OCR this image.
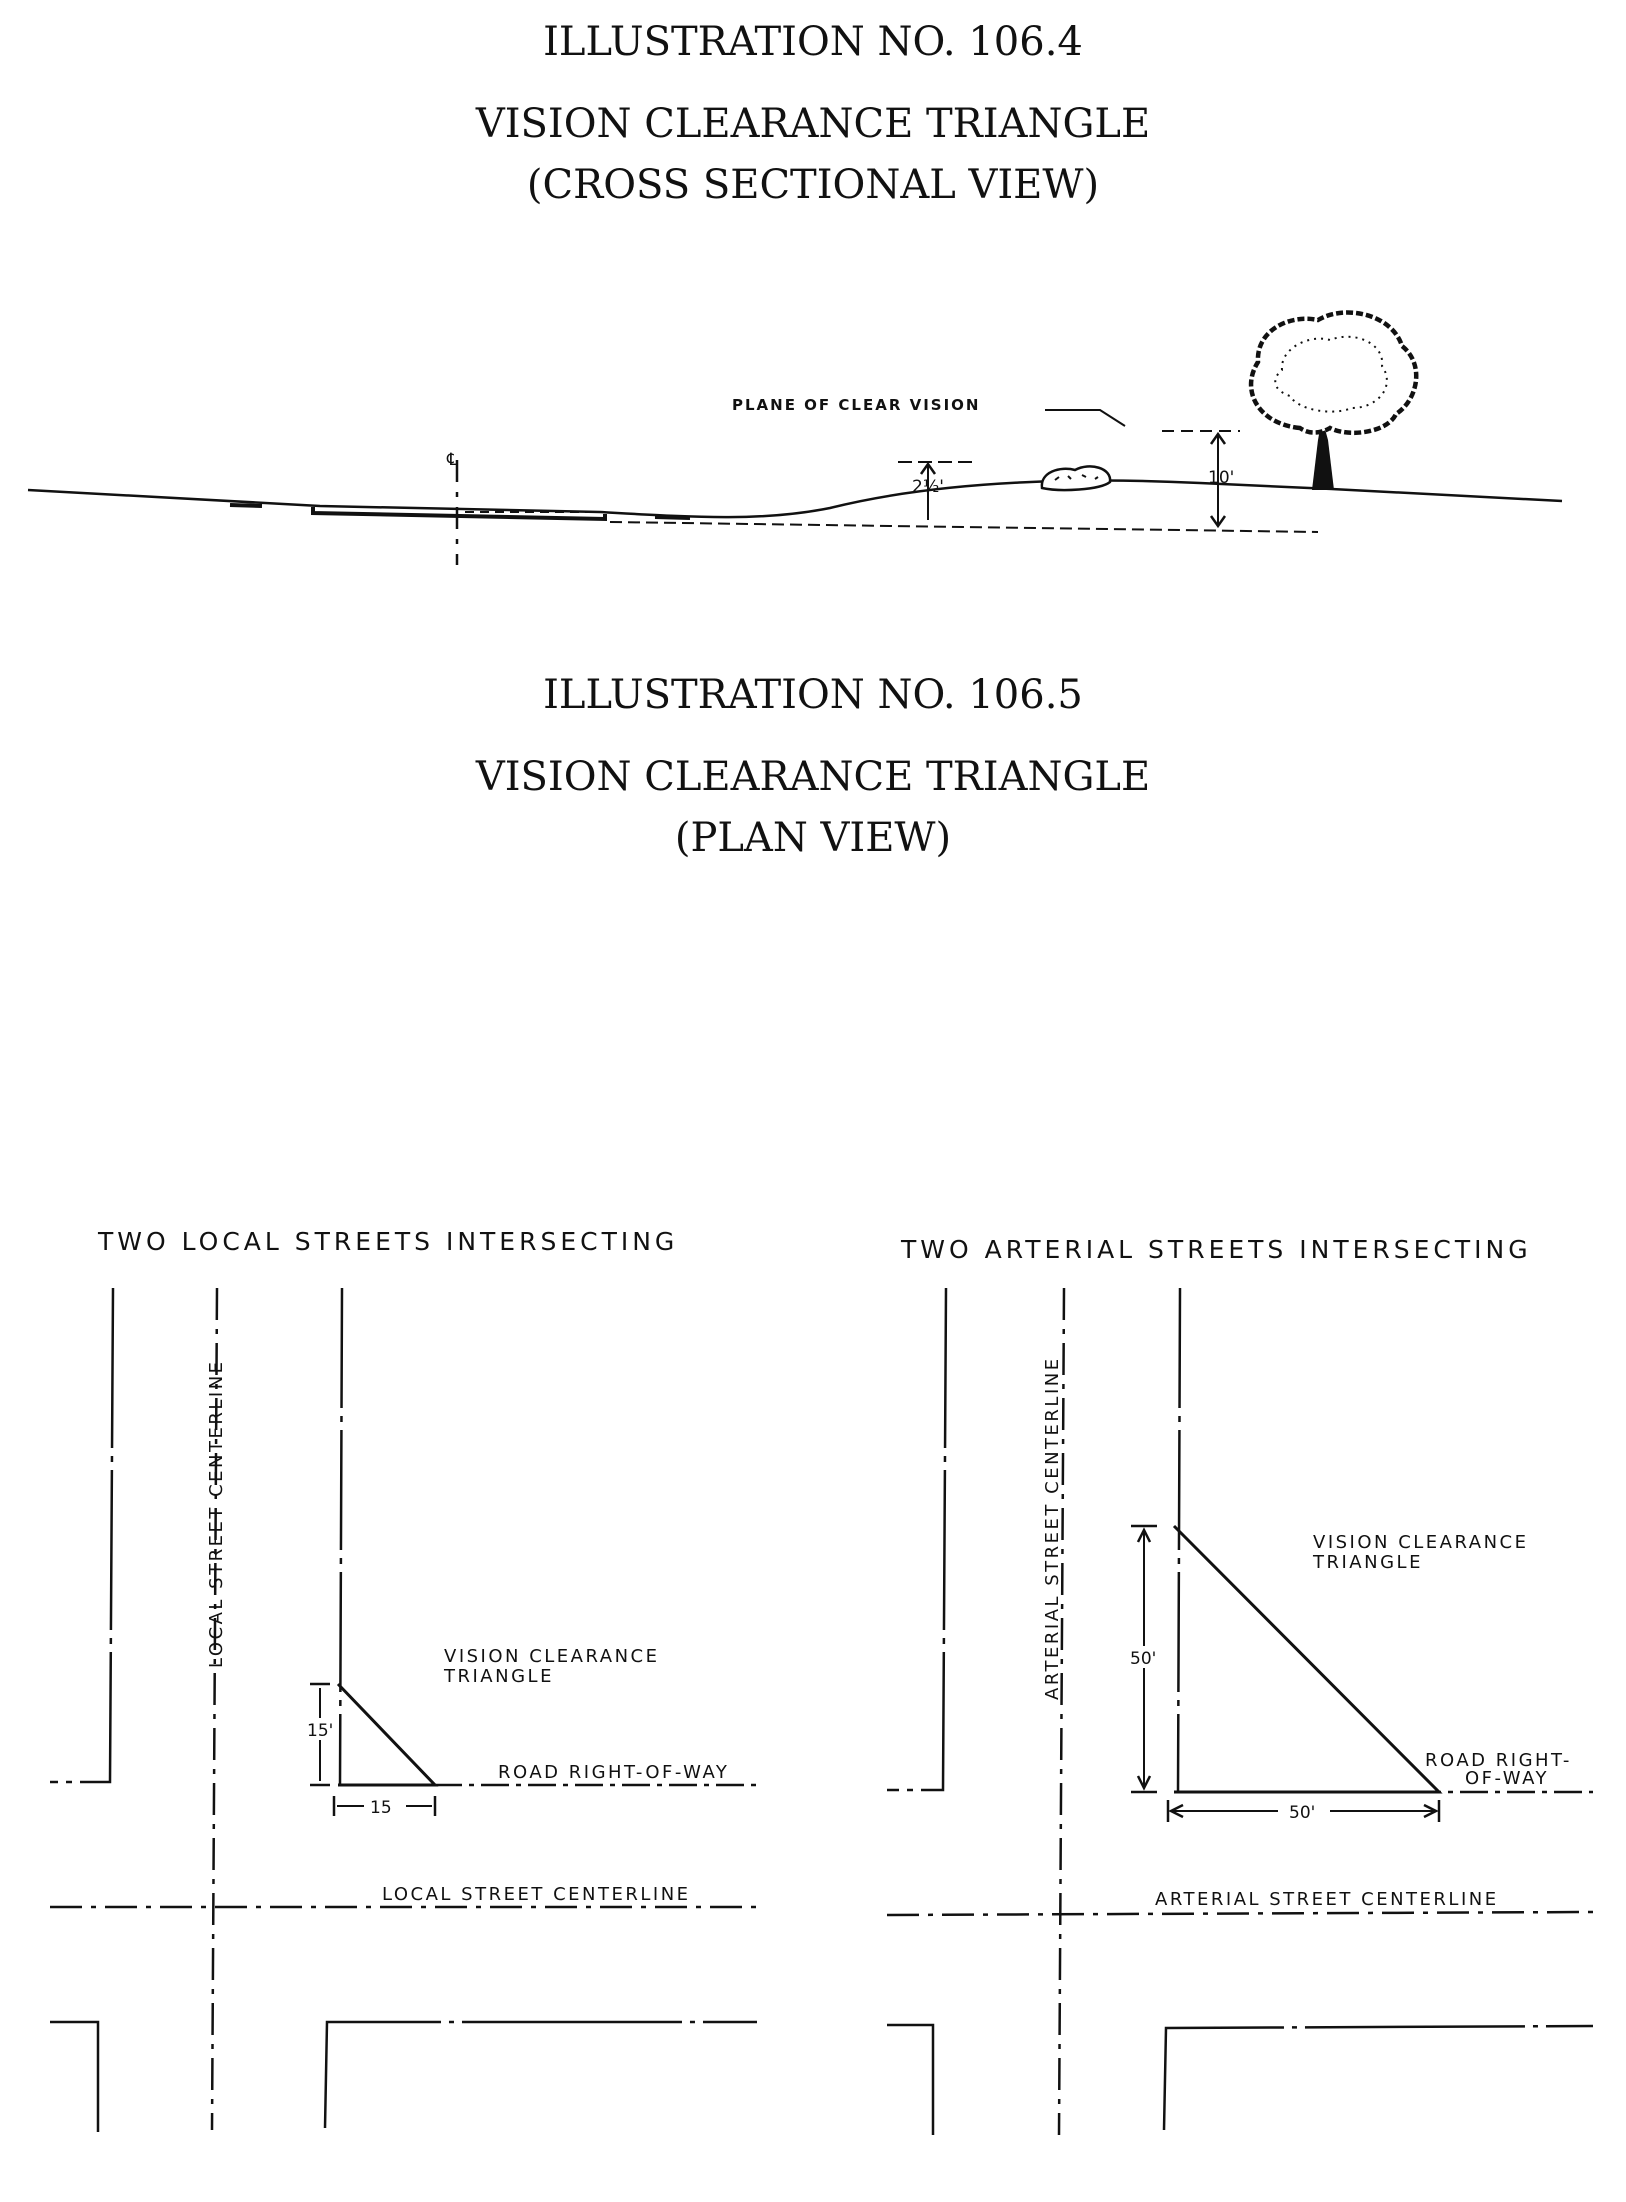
ILLUSTRATION NO. 106.4

VISION CLEARANCE TRIANGLE

(CROSS SECTIONAL VIEW)

PLANE OF CLEAR VISION
℄
2½'	10'

ILLUSTRATION NO. 106.5

VISION CLEARANCE TRIANGLE

(PLAN VIEW)

TWO LOCAL STREETS INTERSECTING
15'
15
LOCAL STREET CENTERLINE	VISION CLEARANCE
TRIANGLE
ROAD RIGHT-OF-WAY
LOCAL STREET CENTERLINE
TWO ARTERIAL STREETS INTERSECTING
50'
50'
ARTERIAL STREET CENTERLINE	VISION CLEARANCE
TRIANGLE
ROAD RIGHT-
OF-WAY
ARTERIAL STREET CENTERLINE
